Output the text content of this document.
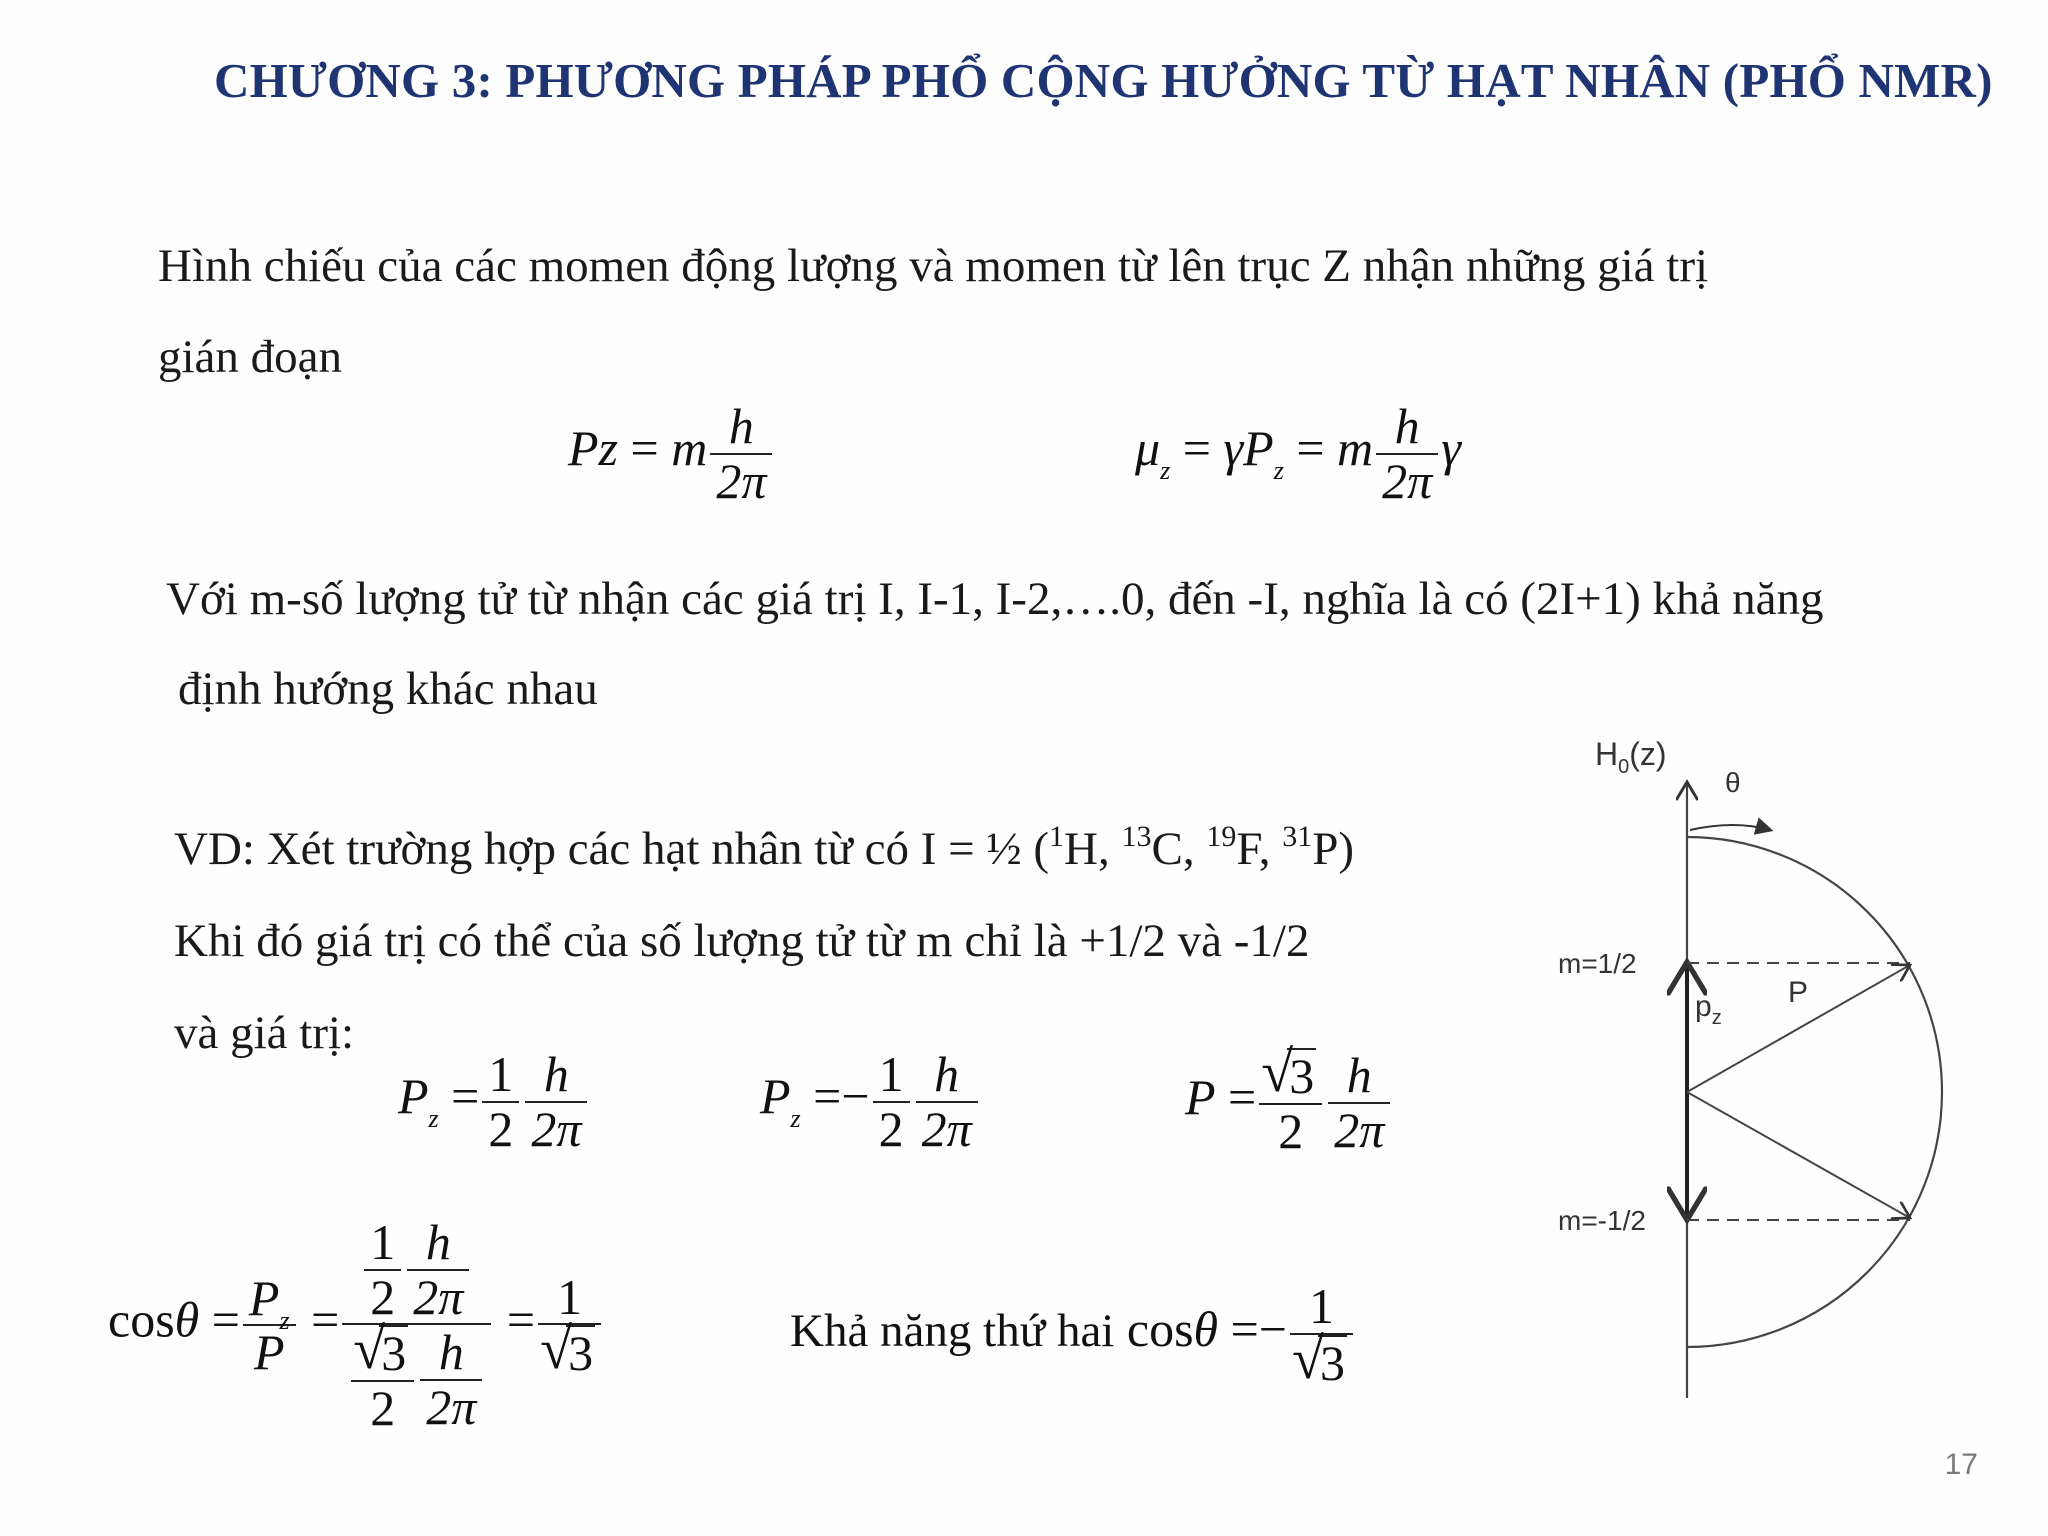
CHƯƠNG 3: PHƯƠNG PHÁP PHỔ CỘNG HƯỞNG TỪ HẠT NHÂN (PHỔ NMR)
Hình chiếu của các momen động lượng và momen từ lên trục Z nhận những giá trị
gián đoạn
Pz = m $\frac{h}{2\pi}$	$\mu_z = \gamma P_z = m \frac{h}{2\pi}$ γ
Với m-số lượng tử từ nhận các giá trị I, I-1, I-2,….0, đến -I, nghĩa là có (2I+1) khả năng
định hướng khác nhau
VD: Xét trường hợp các hạt nhân từ có I = ½ ($^1$H, $^{13}$C, $^{19}$F, $^{31}$P)
Khi đó giá trị có thể của số lượng tử từ m chỉ là +1/2 và -1/2
và giá trị:
$P_z = \frac{1}{2} \frac{h}{2\pi}$	$P_z =- \frac{1}{2} \frac{h}{2\pi}$	P =
√ $\frac{3}{2} \frac{h}{2\pi}$
$\cos\theta = \frac{P_z}{P} = \frac{1}{2} \frac{h}{2\pi}$
√ $\frac{3}{2} \frac{h}{2\pi} = 1$
√ 3	Khả năng thứ hai cosθ =− 1
√ 3
$H_0(z)$
θ
m=1/2
m=-1/2
$p_z$
P
17
